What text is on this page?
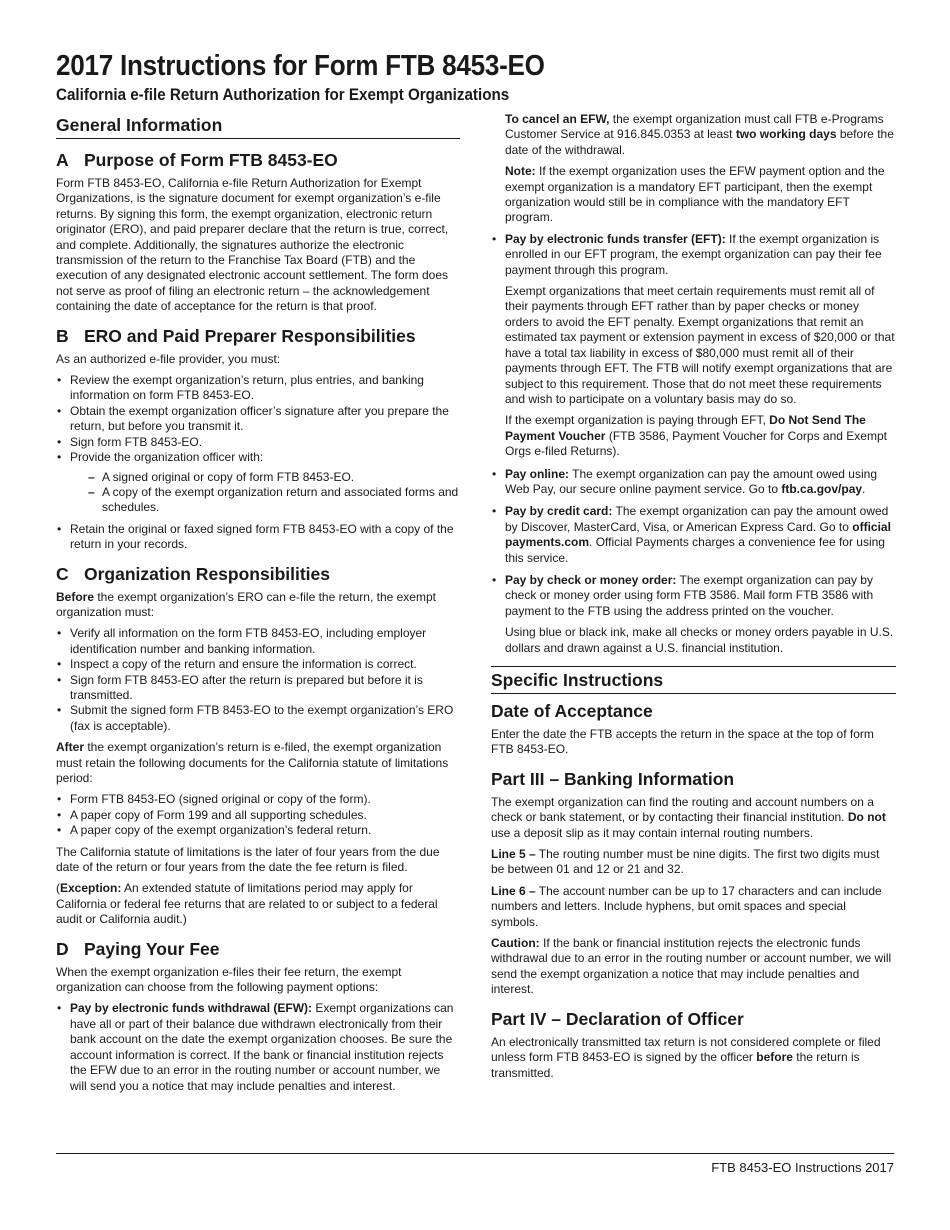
2017 Instructions for Form FTB 8453-EO
California e-file Return Authorization for Exempt Organizations
General Information
A Purpose of Form FTB 8453-EO

Form FTB 8453-EO, California e-file Return Authorization for Exempt Organizations, is the signature document for exempt organization’s e-file returns. By signing this form, the exempt organization, electronic return originator (ERO), and paid preparer declare that the return is true, correct, and complete. Additionally, the signatures authorize the electronic transmission of the return to the Franchise Tax Board (FTB) and the execution of any designated electronic account settlement. The form does not serve as proof of filing an electronic return – the acknowledgement containing the date of acceptance for the return is that proof.

B ERO and Paid Preparer Responsibilities

As an authorized e-file provider, you must:

• Review the exempt organization’s return, plus entries, and banking information on form FTB 8453-EO.
• Obtain the exempt organization officer’s signature after you prepare the return, but before you transmit it.
• Sign form FTB 8453-EO.
• Provide the organization officer with:
– A signed original or copy of form FTB 8453-EO.
– A copy of the exempt organization return and associated forms and schedules.
• Retain the original or faxed signed form FTB 8453-EO with a copy of the return in your records.
C Organization Responsibilities

Before the exempt organization’s ERO can e-file the return, the exempt organization must:

• Verify all information on the form FTB 8453-EO, including employer identification number and banking information.
• Inspect a copy of the return and ensure the information is correct.
• Sign form FTB 8453-EO after the return is prepared but before it is transmitted.
• Submit the signed form FTB 8453-EO to the exempt organization’s ERO (fax is acceptable).

After the exempt organization’s return is e-filed, the exempt organization must retain the following documents for the California statute of limitations period:

• Form FTB 8453-EO (signed original or copy of the form).
• A paper copy of Form 199 and all supporting schedules.
• A paper copy of the exempt organization’s federal return.

The California statute of limitations is the later of four years from the due date of the return or four years from the date the fee return is filed.

(Exception: An extended statute of limitations period may apply for California or federal fee returns that are related to or subject to a federal audit or California audit.)

D Paying Your Fee

When the exempt organization e-files their fee return, the exempt organization can choose from the following payment options:

• Pay by electronic funds withdrawal (EFW): Exempt organizations can have all or part of their balance due withdrawn electronically from their bank account on the date the exempt organization chooses. Be sure the account information is correct. If the bank or financial institution rejects the EFW due to an error in the routing number or account number, we will send you a notice that may include penalties and interest.

To cancel an EFW, the exempt organization must call FTB e-Programs Customer Service at 916.845.0353 at least two working days before the date of the withdrawal.

Note: If the exempt organization uses the EFW payment option and the exempt organization is a mandatory EFT participant, then the exempt organization would still be in compliance with the mandatory EFT program.

• Pay by electronic funds transfer (EFT): If the exempt organization is enrolled in our EFT program, the exempt organization can pay their fee payment through this program.

Exempt organizations that meet certain requirements must remit all of their payments through EFT rather than by paper checks or money orders to avoid the EFT penalty. Exempt organizations that remit an estimated tax payment or extension payment in excess of $20,000 or that have a total tax liability in excess of $80,000 must remit all of their payments through EFT. The FTB will notify exempt organizations that are subject to this requirement. Those that do not meet these requirements and wish to participate on a voluntary basis may do so.

If the exempt organization is paying through EFT, Do Not Send The Payment Voucher (FTB 3586, Payment Voucher for Corps and Exempt Orgs e-filed Returns).

• Pay online: The exempt organization can pay the amount owed using Web Pay, our secure online payment service. Go to ftb.ca.gov/pay.
• Pay by credit card: The exempt organization can pay the amount owed by Discover, MasterCard, Visa, or American Express Card. Go to official payments.com. Official Payments charges a convenience fee for using this service.
• Pay by check or money order: The exempt organization can pay by check or money order using form FTB 3586. Mail form FTB 3586 with payment to the FTB using the address printed on the voucher.

Using blue or black ink, make all checks or money orders payable in U.S. dollars and drawn against a U.S. financial institution.

Specific Instructions
Date of Acceptance

Enter the date the FTB accepts the return in the space at the top of form FTB 8453-EO.

Part III – Banking Information

The exempt organization can find the routing and account numbers on a check or bank statement, or by contacting their financial institution. Do not use a deposit slip as it may contain internal routing numbers.

Line 5 – The routing number must be nine digits. The first two digits must be between 01 and 12 or 21 and 32.

Line 6 – The account number can be up to 17 characters and can include numbers and letters. Include hyphens, but omit spaces and special symbols.

Caution: If the bank or financial institution rejects the electronic funds withdrawal due to an error in the routing number or account number, we will send the exempt organization a notice that may include penalties and interest.

Part IV – Declaration of Officer

An electronically transmitted tax return is not considered complete or filed unless form FTB 8453-EO is signed by the officer before the return is transmitted.

FTB 8453-EO Instructions 2017
